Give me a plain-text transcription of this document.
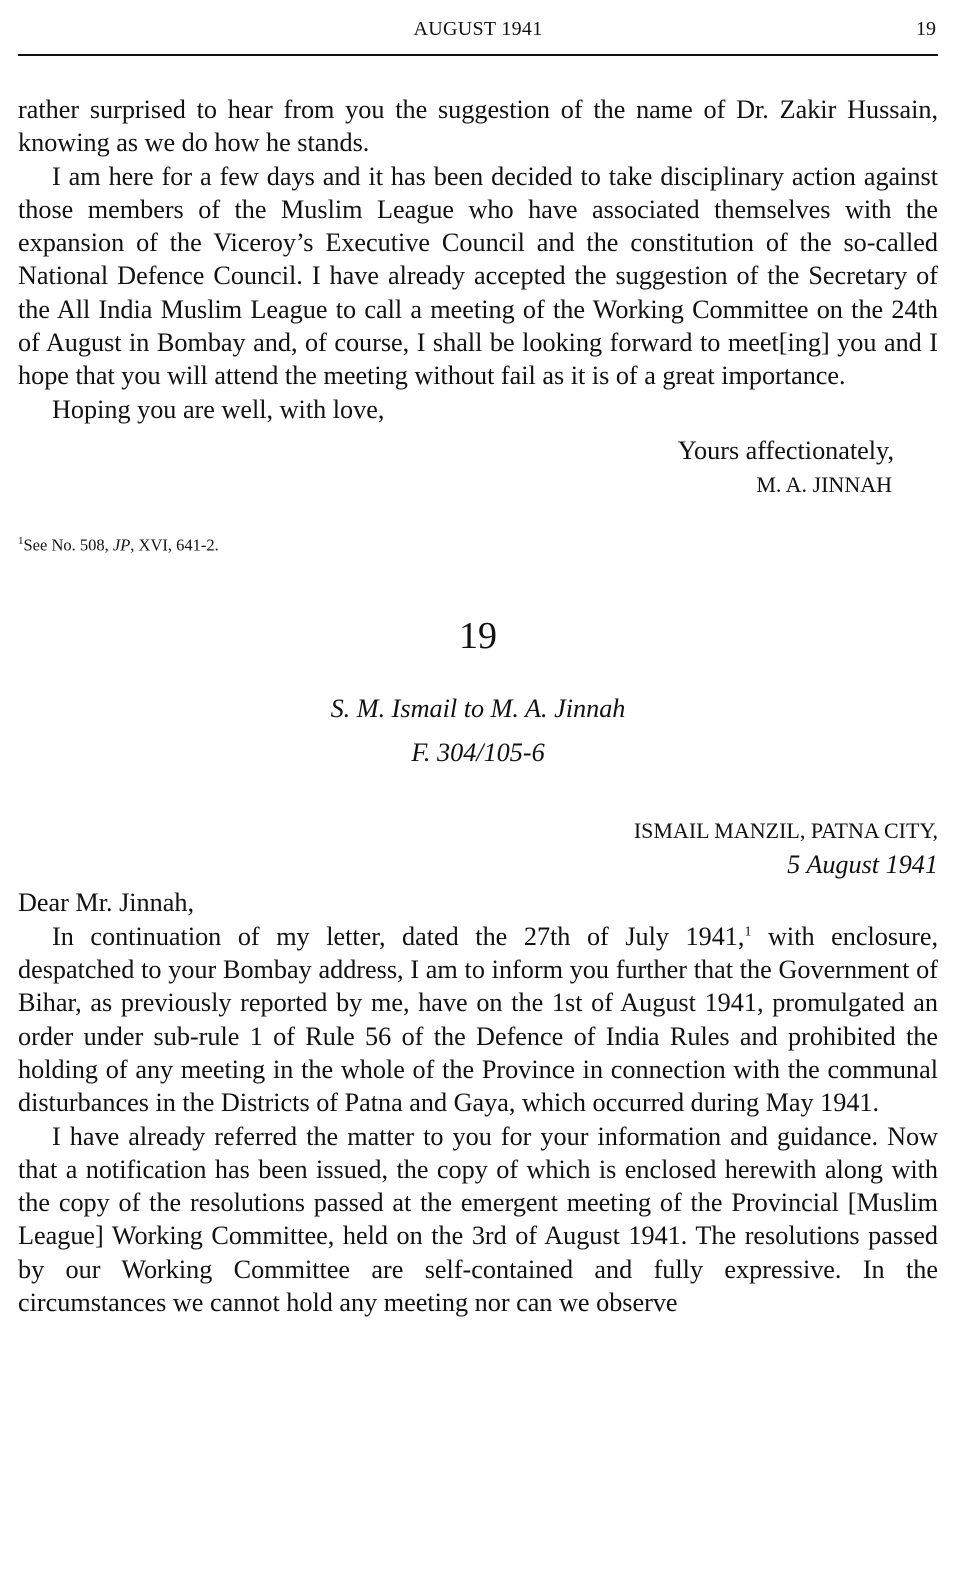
AUGUST 1941	19

rather surprised to hear from you the suggestion of the name of Dr. Zakir Hussain, knowing as we do how he stands.

I am here for a few days and it has been decided to take disciplinary action against those members of the Muslim League who have associated themselves with the expansion of the Viceroy’s Executive Council and the constitution of the so-called National Defence Council. I have already accepted the suggestion of the Secretary of the All India Muslim League to call a meeting of the Working Committee on the 24th of August in Bombay and, of course, I shall be looking forward to meet[ing] you and I hope that you will attend the meeting without fail as it is of a great importance.

Hoping you are well, with love,

Yours affectionately,
M. A. JINNAH
$^1$See No. 508, JP, XVI, 641-2.
19
S. M. Ismail to M. A. Jinnah
F. 304/105-6
ISMAIL MANZIL, PATNA CITY,
5 August 1941

Dear Mr. Jinnah,

In continuation of my letter, dated the 27th of July 1941,$^1$ with enclosure, despatched to your Bombay address, I am to inform you further that the Government of Bihar, as previously reported by me, have on the 1st of August 1941, promulgated an order under sub-rule 1 of Rule 56 of the Defence of India Rules and prohibited the holding of any meeting in the whole of the Province in connection with the communal disturbances in the Districts of Patna and Gaya, which occurred during May 1941.

I have already referred the matter to you for your information and guidance. Now that a notification has been issued, the copy of which is enclosed herewith along with the copy of the resolutions passed at the emergent meeting of the Provincial [Muslim League] Working Committee, held on the 3rd of August 1941. The resolutions passed by our Working Committee are self-contained and fully expressive. In the circumstances we cannot hold any meeting nor can we observe
